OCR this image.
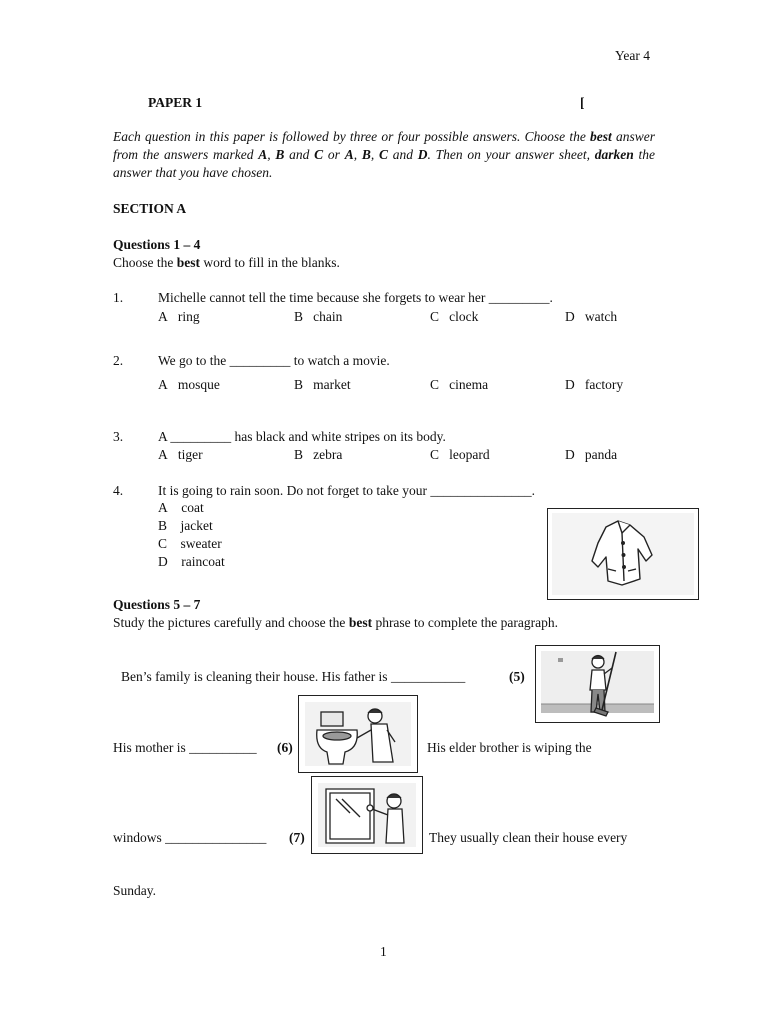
Year 4
PAPER 1	[
Each question in this paper is followed by three or four possible answers. Choose the best answer from the answers marked A, B and C or A, B, C and D. Then on your answer sheet, darken the answer that you have chosen.
SECTION A
Questions 1 – 4
Choose the best word to fill in the blanks.
1.	Michelle cannot tell the time because she forgets to wear her _________.
A ring	B chain	C clock	D watch
2.	We go to the _________ to watch a movie.
A mosque	B market	C cinema	D factory
3.	A _________ has black and white stripes on its body.
A tiger	B zebra	C leopard	D panda
4.	It is going to rain soon. Do not forget to take your _______________.
A coat
B jacket
C sweater
D raincoat
Questions 5 – 7
Study the pictures carefully and choose the best phrase to complete the paragraph.
Ben’s family is cleaning their house. His father is ___________	(5)
His mother is __________ (6)	His elder brother is wiping the
windows _______________ (7)	They usually clean their house every
Sunday.
1
